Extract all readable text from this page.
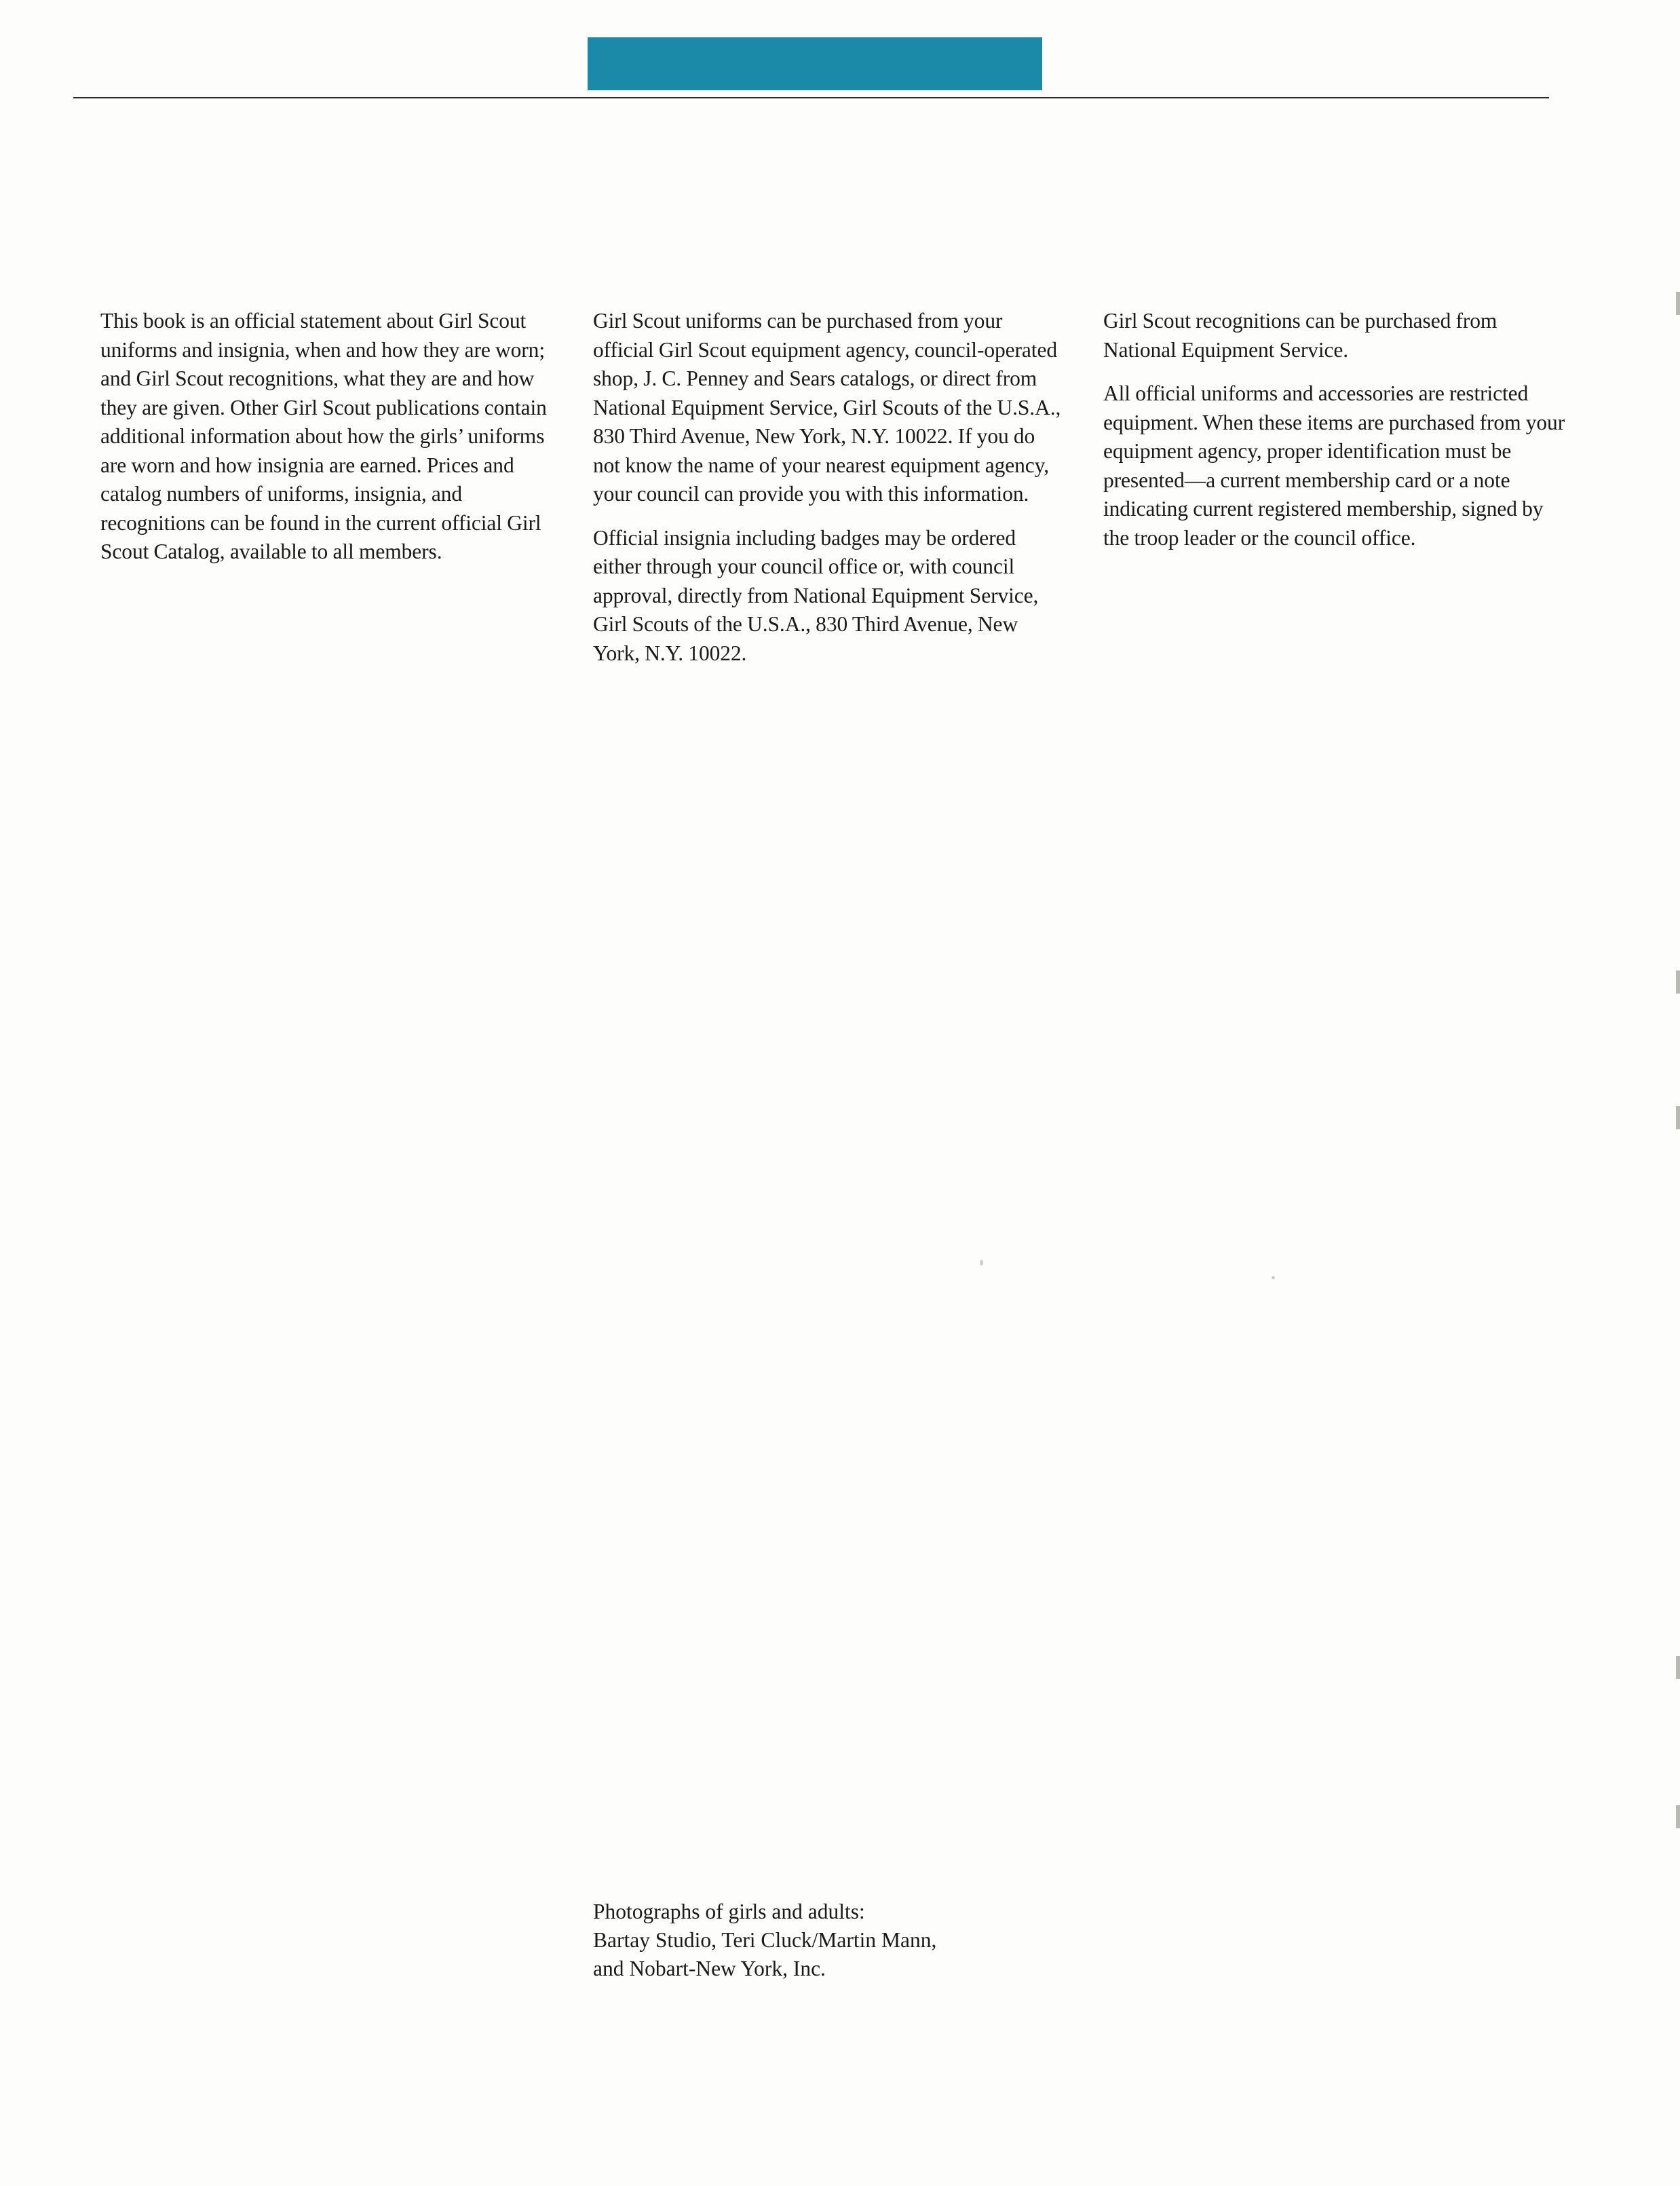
This book is an official statement about Girl Scout uniforms and insignia, when and how they are worn; and Girl Scout recognitions, what they are and how they are given. Other Girl Scout publications contain additional information about how the girls’ uniforms are worn and how insignia are earned. Prices and catalog numbers of uniforms, insignia, and recognitions can be found in the current official Girl Scout Catalog, available to all members.

Girl Scout uniforms can be purchased from your official Girl Scout equipment agency, council-operated shop, J. C. Penney and Sears catalogs, or direct from National Equipment Service, Girl Scouts of the U.S.A., 830 Third Avenue, New York, N.Y. 10022. If you do not know the name of your nearest equipment agency, your council can provide you with this information.

Official insignia including badges may be ordered either through your council office or, with council approval, directly from National Equipment Service, Girl Scouts of the U.S.A., 830 Third Avenue, New York, N.Y. 10022.

Girl Scout recognitions can be purchased from National Equipment Service.

All official uniforms and accessories are restricted equipment. When these items are purchased from your equipment agency, proper identification must be presented—a current membership card or a note indicating current registered membership, signed by the troop leader or the council office.

Photographs of girls and adults:

Bartay Studio, Teri Cluck/Martin Mann,

and Nobart-New York, Inc.
